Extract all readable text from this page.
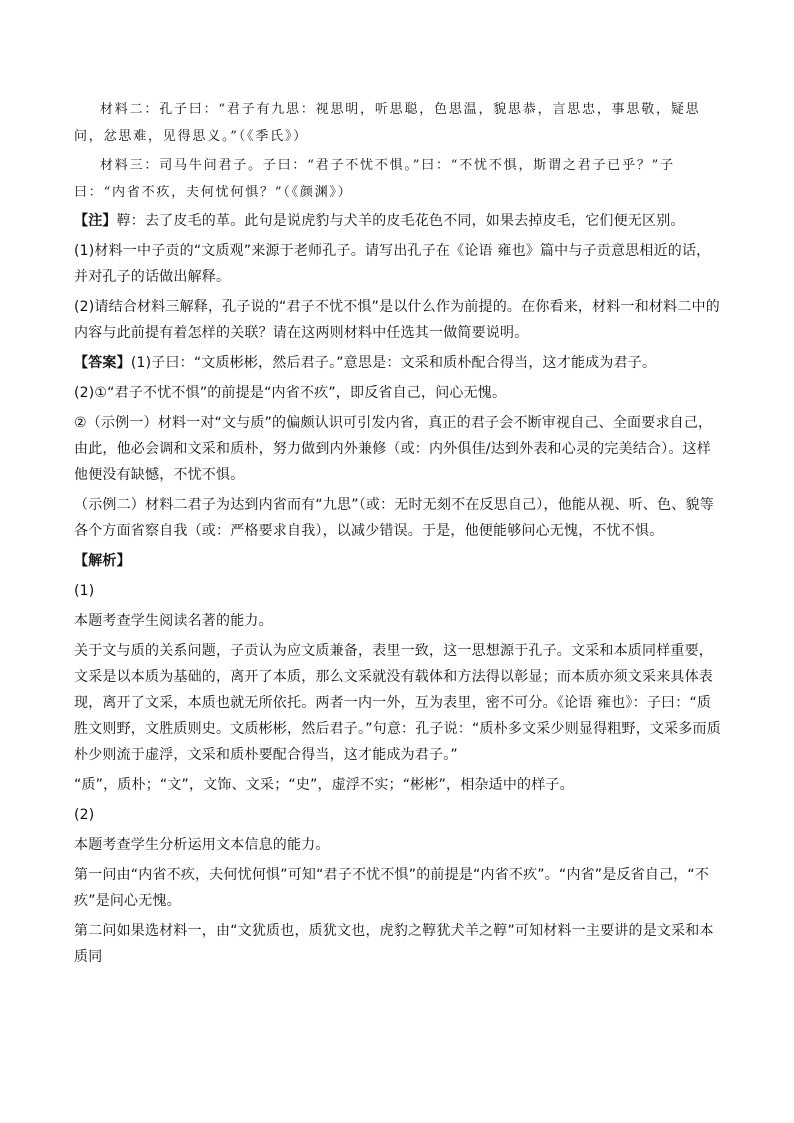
材料二：孔子曰：“君子有九思：视思明，听思聪，色思温，貌思恭，言思忠，事思敬，疑思问，忿思难，见得思义。”（《季氏》）

材料三：司马牛问君子。子曰：“君子不忧不惧。”曰：“不忧不惧，斯谓之君子已乎？”子曰：“内省不疚，夫何忧何惧？”（《颜渊》）

【注】鞟：去了皮毛的革。此句是说虎豹与犬羊的皮毛花色不同，如果去掉皮毛，它们便无区别。

(1)材料一中子贡的“文质观”来源于老师孔子。请写出孔子在《论语 雍也》篇中与子贡意思相近的话，并对孔子的话做出解释。

(2)请结合材料三解释，孔子说的“君子不忧不惧”是以什么作为前提的。在你看来，材料一和材料二中的内容与此前提有着怎样的关联？请在这两则材料中任选其一做简要说明。

【答案】(1)子曰：“文质彬彬，然后君子。”意思是：文采和质朴配合得当，这才能成为君子。

(2)①“君子不忧不惧”的前提是“内省不疚”，即反省自己，问心无愧。

②（示例一）材料一对“文与质”的偏颇认识可引发内省，真正的君子会不断审视自己、全面要求自己，由此，他必会调和文采和质朴，努力做到内外兼修（或：内外俱佳/达到外表和心灵的完美结合）。这样他便没有缺憾，不忧不惧。

（示例二）材料二君子为达到内省而有“九思”（或：无时无刻不在反思自己），他能从视、听、色、貌等各个方面省察自我（或：严格要求自我），以减少错误。于是，他便能够问心无愧，不忧不惧。

【解析】

(1)

本题考查学生阅读名著的能力。

关于文与质的关系问题，子贡认为应文质兼备，表里一致，这一思想源于孔子。文采和本质同样重要，文采是以本质为基础的，离开了本质，那么文采就没有载体和方法得以彰显；而本质亦须文采来具体表现，离开了文采，本质也就无所依托。两者一内一外，互为表里，密不可分。《论语 雍也》：子曰：“质胜文则野，文胜质则史。文质彬彬，然后君子。”句意：孔子说：“质朴多文采少则显得粗野，文采多而质朴少则流于虚浮，文采和质朴要配合得当，这才能成为君子。”

“质”，质朴；“文”，文饰、文采；“史”，虚浮不实；“彬彬”，相杂适中的样子。

(2)

本题考查学生分析运用文本信息的能力。

第一问由“内省不疚，夫何忧何惧”可知“君子不忧不惧”的前提是“内省不疚”。“内省”是反省自己，“不疚”是问心无愧。

第二问如果选材料一，由“文犹质也，质犹文也，虎豹之鞟犹犬羊之鞟”可知材料一主要讲的是文采和本质同
